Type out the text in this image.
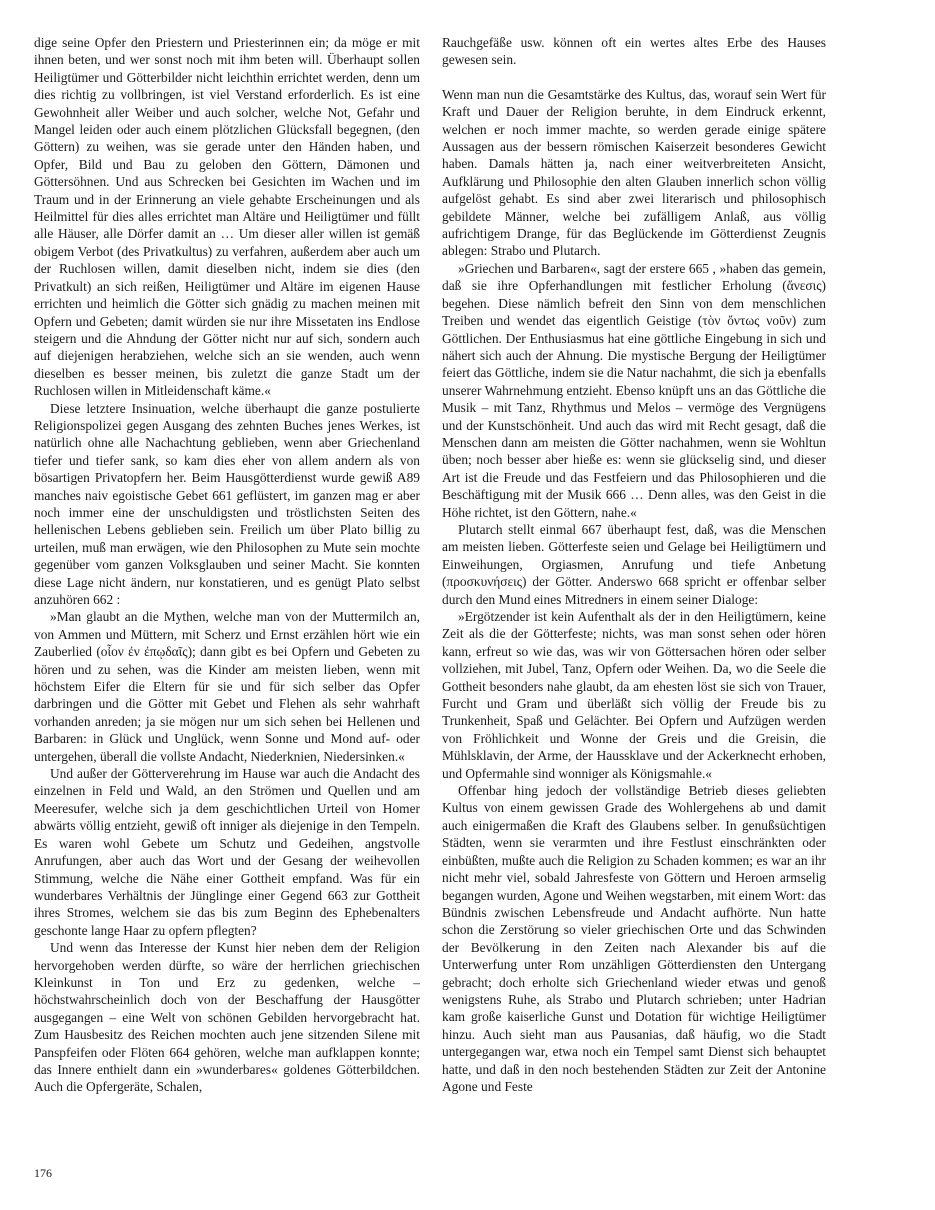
dige seine Opfer den Priestern und Priesterinnen ein; da möge er mit ihnen beten, und wer sonst noch mit ihm beten will. Überhaupt sollen Heiligtümer und Götterbilder nicht leichthin errichtet werden, denn um dies richtig zu vollbringen, ist viel Verstand erforderlich. Es ist eine Gewohnheit aller Weiber und auch solcher, welche Not, Gefahr und Mangel leiden oder auch einem plötzlichen Glücksfall begegnen, (den Göttern) zu weihen, was sie gerade unter den Händen haben, und Opfer, Bild und Bau zu geloben den Göttern, Dämonen und Göttersöhnen. Und aus Schrecken bei Gesichten im Wachen und im Traum und in der Erinnerung an viele gehabte Erscheinungen und als Heilmittel für dies alles errichtet man Altäre und Heiligtümer und füllt alle Häuser, alle Dörfer damit an … Um dieser aller willen ist gemäß obigem Verbot (des Privatkultus) zu verfahren, außerdem aber auch um der Ruchlosen willen, damit dieselben nicht, indem sie dies (den Privatkult) an sich reißen, Heiligtümer und Altäre im eigenen Hause errichten und heimlich die Götter sich gnädig zu machen meinen mit Opfern und Gebeten; damit würden sie nur ihre Missetaten ins Endlose steigern und die Ahndung der Götter nicht nur auf sich, sondern auch auf diejenigen herabziehen, welche sich an sie wenden, auch wenn dieselben es besser meinen, bis zuletzt die ganze Stadt um der Ruchlosen willen in Mitleidenschaft käme.«

Diese letztere Insinuation, welche überhaupt die ganze postulierte Religionspolizei gegen Ausgang des zehnten Buches jenes Werkes, ist natürlich ohne alle Nachachtung geblieben, wenn aber Griechenland tiefer und tiefer sank, so kam dies eher von allem andern als von bösartigen Privatopfern her. Beim Hausgötterdienst wurde gewiß A89 manches naiv egoistische Gebet 661 geflüstert, im ganzen mag er aber noch immer eine der unschuldigsten und tröstlichsten Seiten des hellenischen Lebens geblieben sein. Freilich um über Plato billig zu urteilen, muß man erwägen, wie den Philosophen zu Mute sein mochte gegenüber vom ganzen Volksglauben und seiner Macht. Sie konnten diese Lage nicht ändern, nur konstatieren, und es genügt Plato selbst anzuhören 662 :

»Man glaubt an die Mythen, welche man von der Muttermilch an, von Ammen und Müttern, mit Scherz und Ernst erzählen hört wie ein Zauberlied (οἷον ἐν ἐπῳδαῖς); dann gibt es bei Opfern und Gebeten zu hören und zu sehen, was die Kinder am meisten lieben, wenn mit höchstem Eifer die Eltern für sie und für sich selber das Opfer darbringen und die Götter mit Gebet und Flehen als sehr wahrhaft vorhanden anreden; ja sie mögen nur um sich sehen bei Hellenen und Barbaren: in Glück und Unglück, wenn Sonne und Mond auf- oder untergehen, überall die vollste Andacht, Niederknien, Niedersinken.«

Und außer der Götterverehrung im Hause war auch die Andacht des einzelnen in Feld und Wald, an den Strömen und Quellen und am Meeresufer, welche sich ja dem geschichtlichen Urteil von Homer abwärts völlig entzieht, gewiß oft inniger als diejenige in den Tempeln. Es waren wohl Gebete um Schutz und Gedeihen, angstvolle Anrufungen, aber auch das Wort und der Gesang der weihevollen Stimmung, welche die Nähe einer Gottheit empfand. Was für ein wunderbares Verhältnis der Jünglinge einer Gegend 663 zur Gottheit ihres Stromes, welchem sie das bis zum Beginn des Ephebenalters geschonte lange Haar zu opfern pflegten?

Und wenn das Interesse der Kunst hier neben dem der Religion hervorgehoben werden dürfte, so wäre der herrlichen griechischen Kleinkunst in Ton und Erz zu gedenken, welche – höchstwahrscheinlich doch von der Beschaffung der Hausgötter ausgegangen – eine Welt von schönen Gebilden hervorgebracht hat. Zum Hausbesitz des Reichen mochten auch jene sitzenden Silene mit Panspfeifen oder Flöten 664 gehören, welche man aufklappen konnte; das Innere enthielt dann ein »wunderbares« goldenes Götterbildchen. Auch die Opfergeräte, Schalen,

Rauchgefäße usw. können oft ein wertes altes Erbe des Hauses gewesen sein.

Wenn man nun die Gesamtstärke des Kultus, das, worauf sein Wert für Kraft und Dauer der Religion beruhte, in dem Eindruck erkennt, welchen er noch immer machte, so werden gerade einige spätere Aussagen aus der bessern römischen Kaiserzeit besonderes Gewicht haben. Damals hätten ja, nach einer weitverbreiteten Ansicht, Aufklärung und Philosophie den alten Glauben innerlich schon völlig aufgelöst gehabt. Es sind aber zwei literarisch und philosophisch gebildete Männer, welche bei zufälligem Anlaß, aus völlig aufrichtigem Drange, für das Beglückende im Götterdienst Zeugnis ablegen: Strabo und Plutarch.

»Griechen und Barbaren«, sagt der erstere 665 , »haben das gemein, daß sie ihre Opferhandlungen mit festlicher Erholung (ἄνεσις) begehen. Diese nämlich befreit den Sinn von dem menschlichen Treiben und wendet das eigentlich Geistige (τὸν ὄντως νοῦν) zum Göttlichen. Der Enthusiasmus hat eine göttliche Eingebung in sich und nähert sich auch der Ahnung. Die mystische Bergung der Heiligtümer feiert das Göttliche, indem sie die Natur nachahmt, die sich ja ebenfalls unserer Wahrnehmung entzieht. Ebenso knüpft uns an das Göttliche die Musik – mit Tanz, Rhythmus und Melos – vermöge des Vergnügens und der Kunstschönheit. Und auch das wird mit Recht gesagt, daß die Menschen dann am meisten die Götter nachahmen, wenn sie Wohltun üben; noch besser aber hieße es: wenn sie glückselig sind, und dieser Art ist die Freude und das Festfeiern und das Philosophieren und die Beschäftigung mit der Musik 666 … Denn alles, was den Geist in die Höhe richtet, ist den Göttern, nahe.«

Plutarch stellt einmal 667 überhaupt fest, daß, was die Menschen am meisten lieben. Götterfeste seien und Gelage bei Heiligtümern und Einweihungen, Orgiasmen, Anrufung und tiefe Anbetung (προσκυνήσεις) der Götter. Anderswo 668 spricht er offenbar selber durch den Mund eines Mitredners in einem seiner Dialoge:

»Ergötzender ist kein Aufenthalt als der in den Heiligtümern, keine Zeit als die der Götterfeste; nichts, was man sonst sehen oder hören kann, erfreut so wie das, was wir von Göttersachen hören oder selber vollziehen, mit Jubel, Tanz, Opfern oder Weihen. Da, wo die Seele die Gottheit besonders nahe glaubt, da am ehesten löst sie sich von Trauer, Furcht und Gram und überläßt sich völlig der Freude bis zu Trunkenheit, Spaß und Gelächter. Bei Opfern und Aufzügen werden von Fröhlichkeit und Wonne der Greis und die Greisin, die Mühlsklavin, der Arme, der Haussklave und der Ackerknecht erhoben, und Opfermahle sind wonniger als Königsmahle.«

Offenbar hing jedoch der vollständige Betrieb dieses geliebten Kultus von einem gewissen Grade des Wohlergehens ab und damit auch einigermaßen die Kraft des Glaubens selber. In genußsüchtigen Städten, wenn sie verarmten und ihre Festlust einschränkten oder einbüßten, mußte auch die Religion zu Schaden kommen; es war an ihr nicht mehr viel, sobald Jahresfeste von Göttern und Heroen armselig begangen wurden, Agone und Weihen wegstarben, mit einem Wort: das Bündnis zwischen Lebensfreude und Andacht aufhörte. Nun hatte schon die Zerstörung so vieler griechischen Orte und das Schwinden der Bevölkerung in den Zeiten nach Alexander bis auf die Unterwerfung unter Rom unzähligen Götterdiensten den Untergang gebracht; doch erholte sich Griechenland wieder etwas und genoß wenigstens Ruhe, als Strabo und Plutarch schrieben; unter Hadrian kam große kaiserliche Gunst und Dotation für wichtige Heiligtümer hinzu. Auch sieht man aus Pausanias, daß häufig, wo die Stadt untergegangen war, etwa noch ein Tempel samt Dienst sich behauptet hatte, und daß in den noch bestehenden Städten zur Zeit der Antonine Agone und Feste

176
